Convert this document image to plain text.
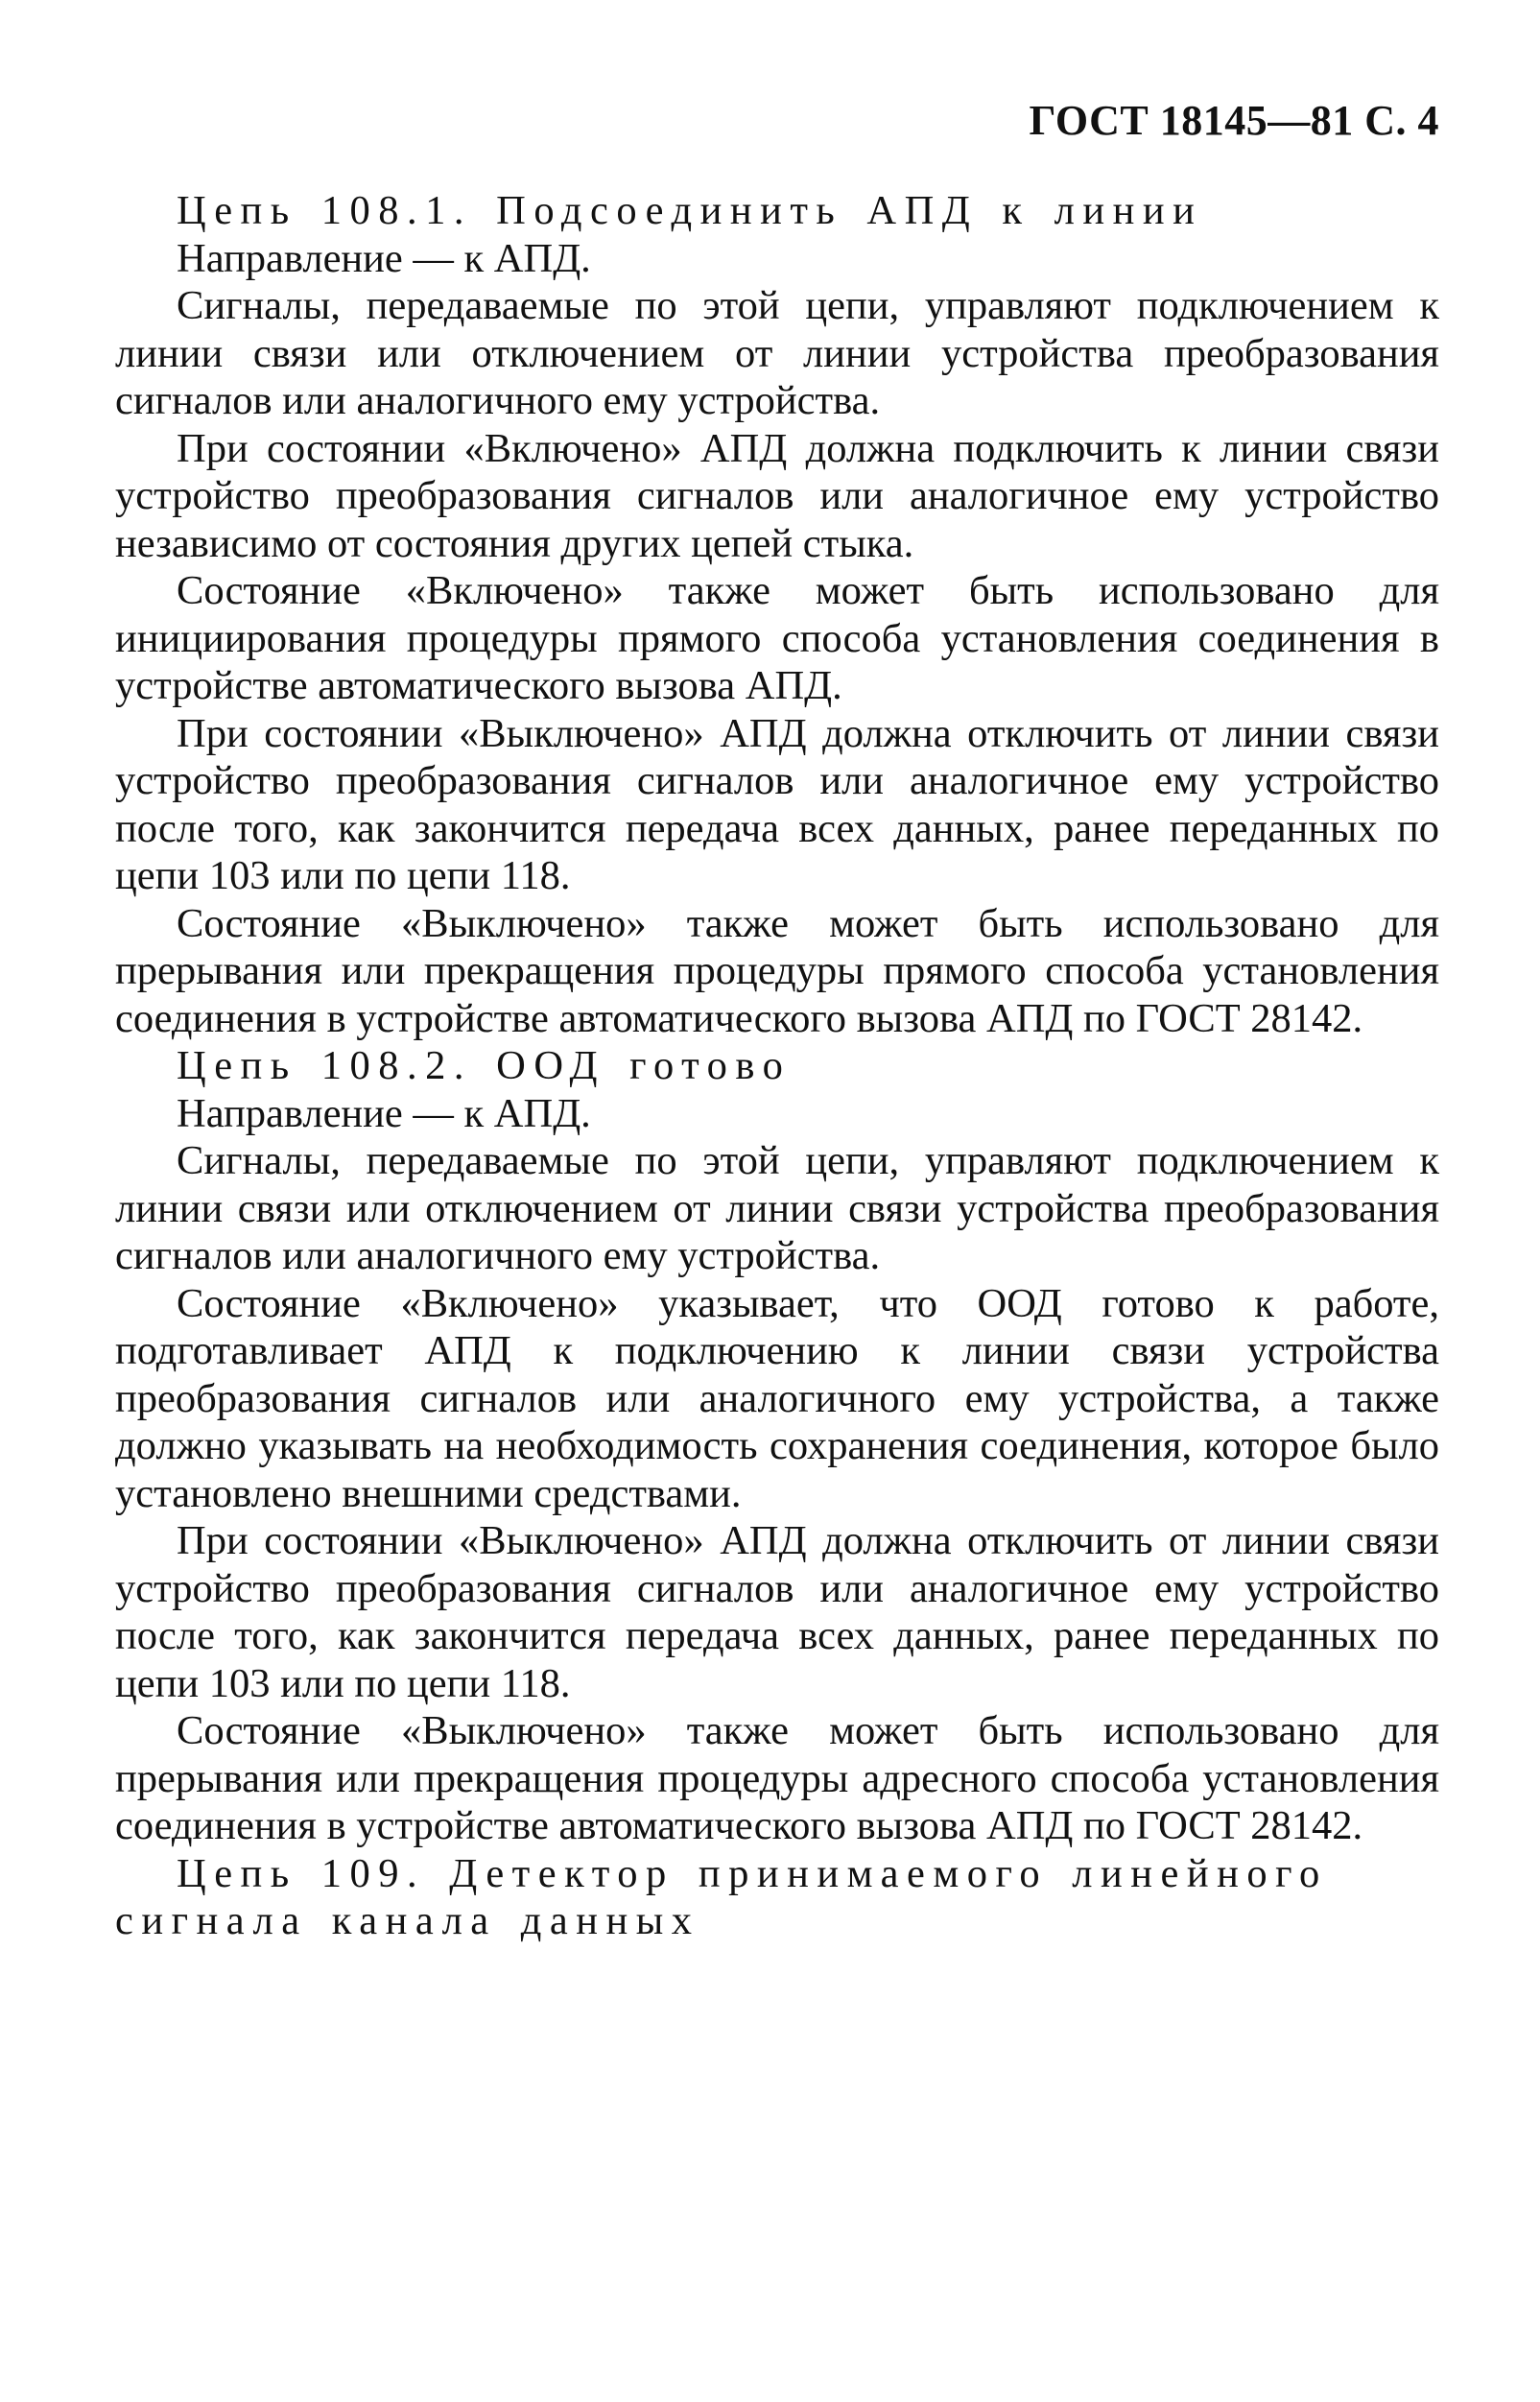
ГОСТ 18145—81 С. 4

Цепь 108.1. Подсоединить АПД к линии

Направление — к АПД.

Сигналы, передаваемые по этой цепи, управляют подключением к линии связи или отключением от линии устройства преобразования сигналов или аналогичного ему устройства.

При состоянии «Включено» АПД должна подключить к линии связи устройство преобразования сигналов или аналогичное ему устройство независимо от состояния других цепей стыка.

Состояние «Включено» также может быть использовано для инициирования процедуры прямого способа установления соединения в устройстве автоматического вызова АПД.

При состоянии «Выключено» АПД должна отключить от линии связи устройство преобразования сигналов или аналогичное ему устройство после того, как закончится передача всех данных, ранее переданных по цепи 103 или по цепи 118.

Состояние «Выключено» также может быть использовано для прерывания или прекращения процедуры прямого способа установления соединения в устройстве автоматического вызова АПД по ГОСТ 28142.

Цепь 108.2. ООД готово

Направление — к АПД.

Сигналы, передаваемые по этой цепи, управляют подключением к линии связи или отключением от линии связи устройства преобразования сигналов или аналогичного ему устройства.

Состояние «Включено» указывает, что ООД готово к работе, подготавливает АПД к подключению к линии связи устройства преобразования сигналов или аналогичного ему устройства, а также должно указывать на необходимость сохранения соединения, которое было установлено внешними средствами.

При состоянии «Выключено» АПД должна отключить от линии связи устройство преобразования сигналов или аналогичное ему устройство после того, как закончится передача всех данных, ранее переданных по цепи 103 или по цепи 118.

Состояние «Выключено» также может быть использовано для прерывания или прекращения процедуры адресного способа установления соединения в устройстве автоматического вызова АПД по ГОСТ 28142.

Цепь 109. Детектор принимаемого линейного сигнала канала данных
